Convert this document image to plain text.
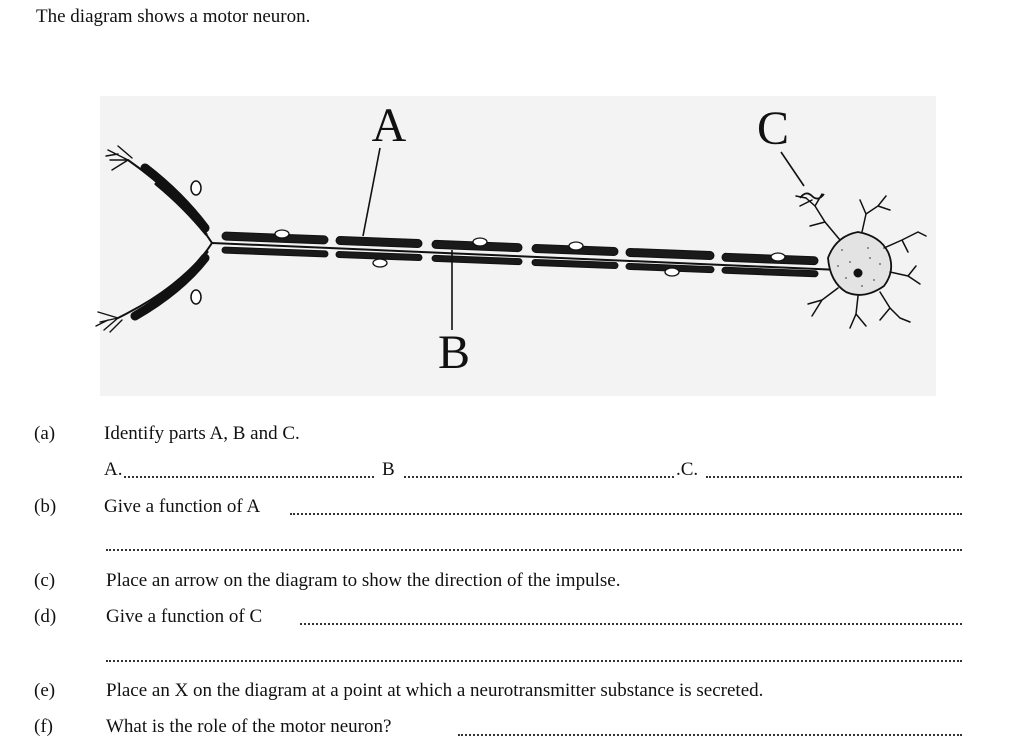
The diagram shows a motor neuron.
A
B
C
(a)	Identify parts A, B and C.
A.	B	.C.
(b)	Give a function of A
(c)	Place an arrow on the diagram to show the direction of the impulse.
(d)	Give a function of C
(e)	Place an X on the diagram at a point at which a neurotransmitter substance is secreted.
(f)	What is the role of the motor neuron?
